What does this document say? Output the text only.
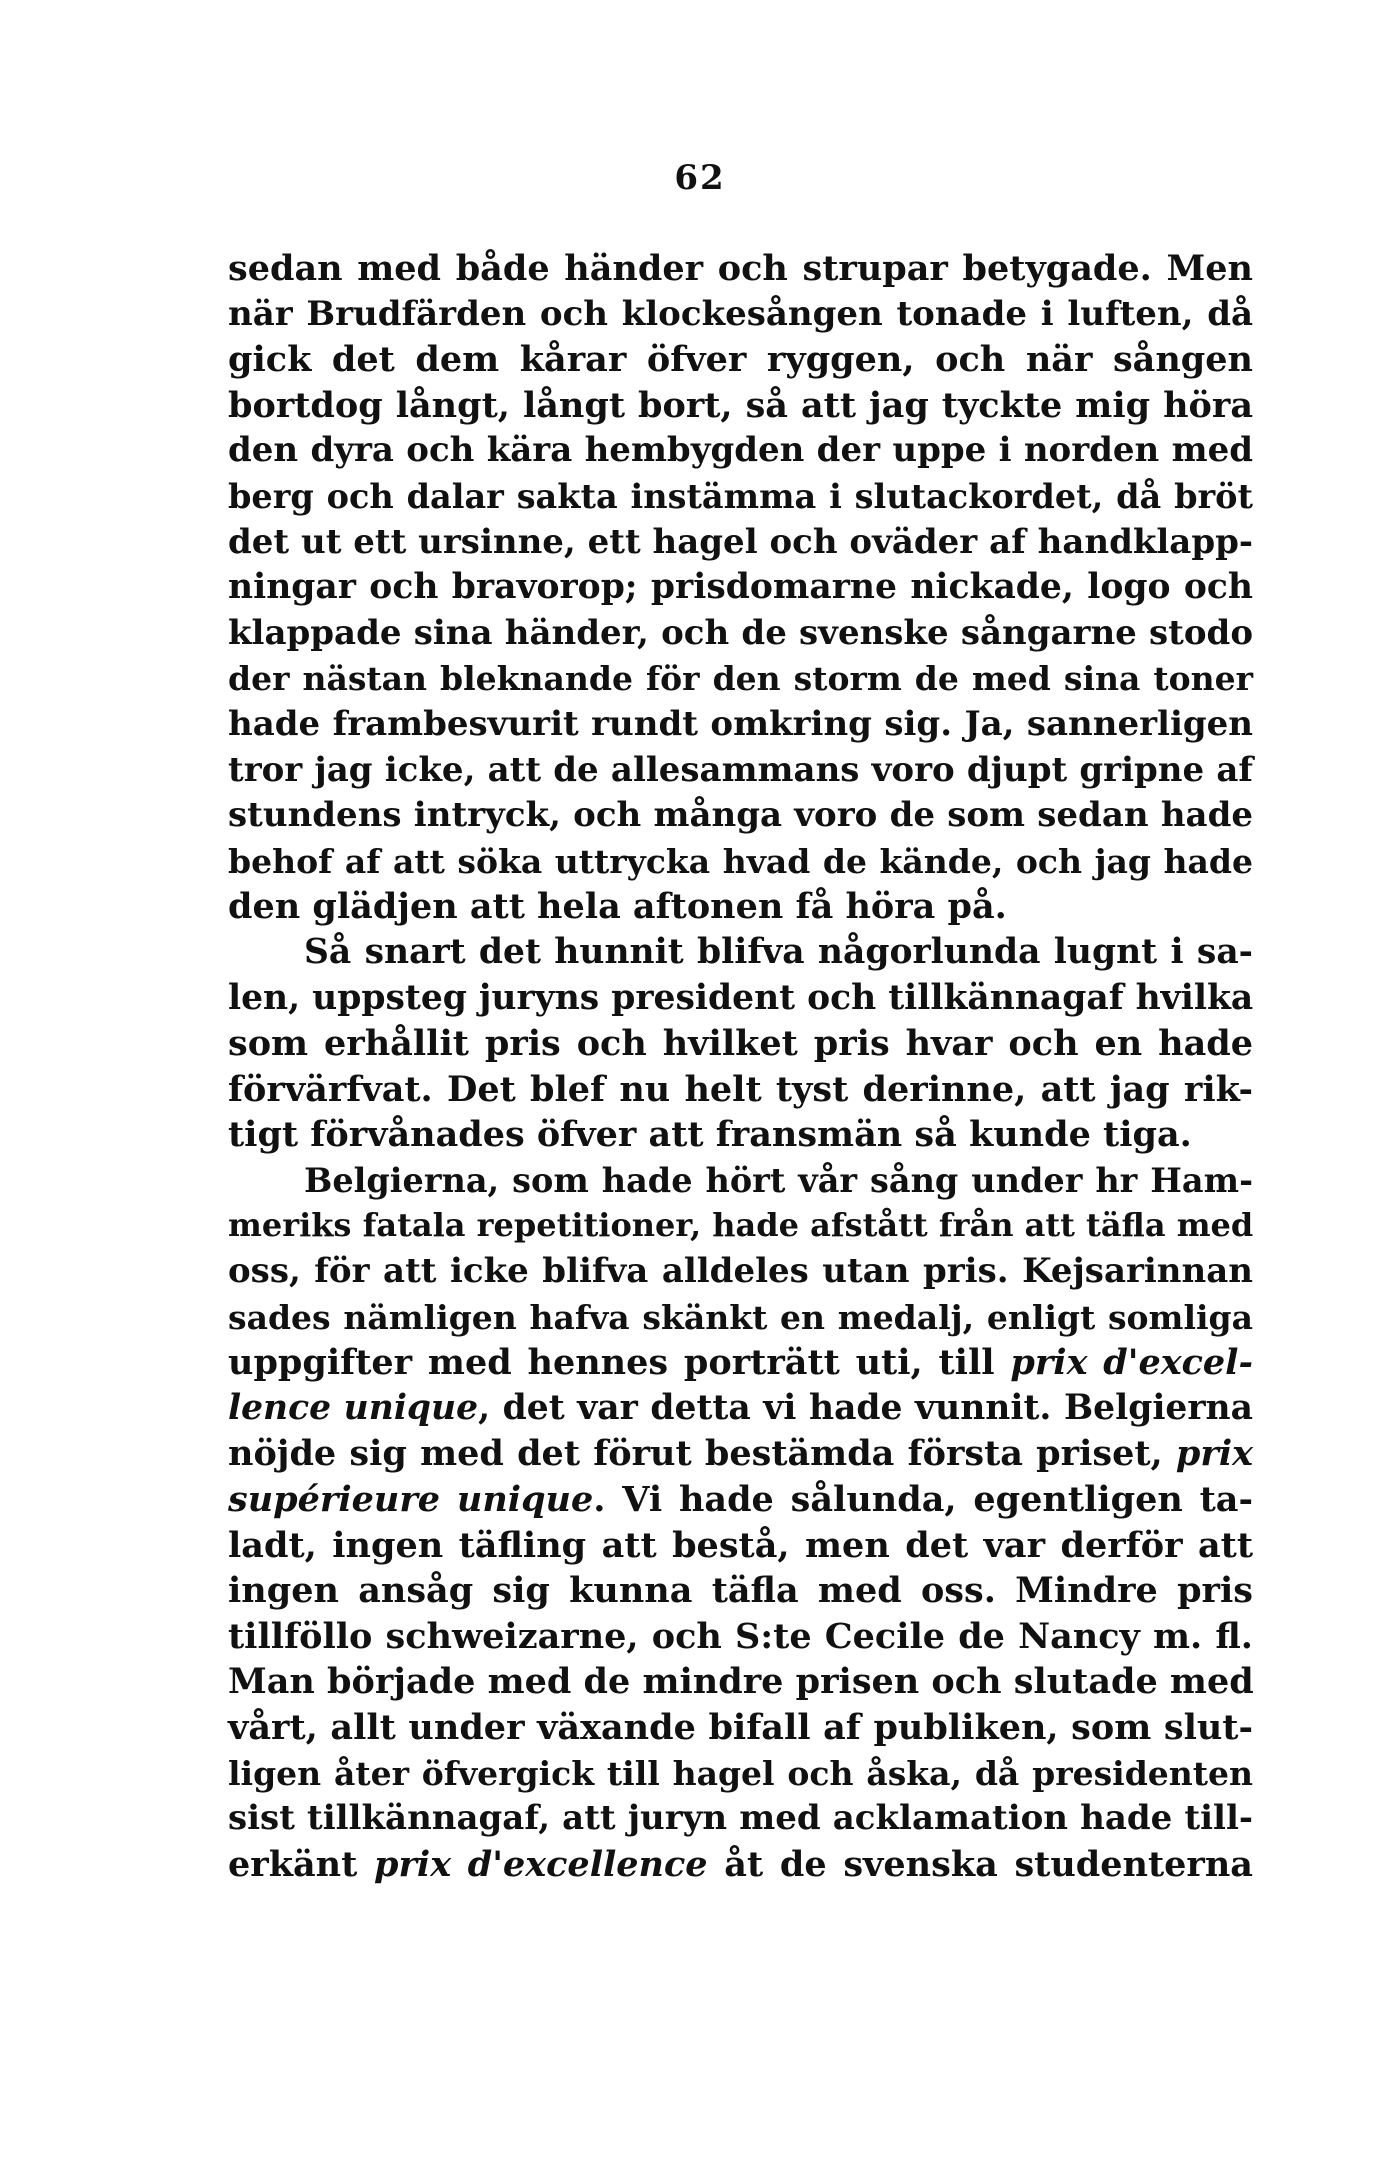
62
sedan med både händer och strupar betygade. Men
när Brudfärden och klockesången tonade i luften, då
gick det dem kårar öfver ryggen, och när sången
bortdog långt, långt bort, så att jag tyckte mig höra
den dyra och kära hembygden der uppe i norden med
berg och dalar sakta instämma i slutackordet, då bröt
det ut ett ursinne, ett hagel och oväder af handklapp-
ningar och bravorop; prisdomarne nickade, logo och
klappade sina händer, och de svenske sångarne stodo
der nästan bleknande för den storm de med sina toner
hade frambesvurit rundt omkring sig. Ja, sannerligen
tror jag icke, att de allesammans voro djupt gripne af
stundens intryck, och många voro de som sedan hade
behof af att söka uttrycka hvad de kände, och jag hade
den glädjen att hela aftonen få höra på.
Så snart det hunnit blifva någorlunda lugnt i sa-
len, uppsteg juryns president och tillkännagaf hvilka
som erhållit pris och hvilket pris hvar och en hade
förvärfvat. Det blef nu helt tyst derinne, att jag rik-
tigt förvånades öfver att fransmän så kunde tiga.
Belgierna, som hade hört vår sång under hr Ham-
meriks fatala repetitioner, hade afstått från att täfla med
oss, för att icke blifva alldeles utan pris. Kejsarinnan
sades nämligen hafva skänkt en medalj, enligt somliga
uppgifter med hennes porträtt uti, till prix d'excel-
lence unique, det var detta vi hade vunnit. Belgierna
nöjde sig med det förut bestämda första priset, prix
supérieure unique. Vi hade sålunda, egentligen ta-
ladt, ingen täfling att bestå, men det var derför att
ingen ansåg sig kunna täfla med oss. Mindre pris
tillföllo schweizarne, och S:te Cecile de Nancy m. fl.
Man började med de mindre prisen och slutade med
vårt, allt under växande bifall af publiken, som slut-
ligen åter öfvergick till hagel och åska, då presidenten
sist tillkännagaf, att juryn med acklamation hade till-
erkänt prix d'excellence åt de svenska studenterna
